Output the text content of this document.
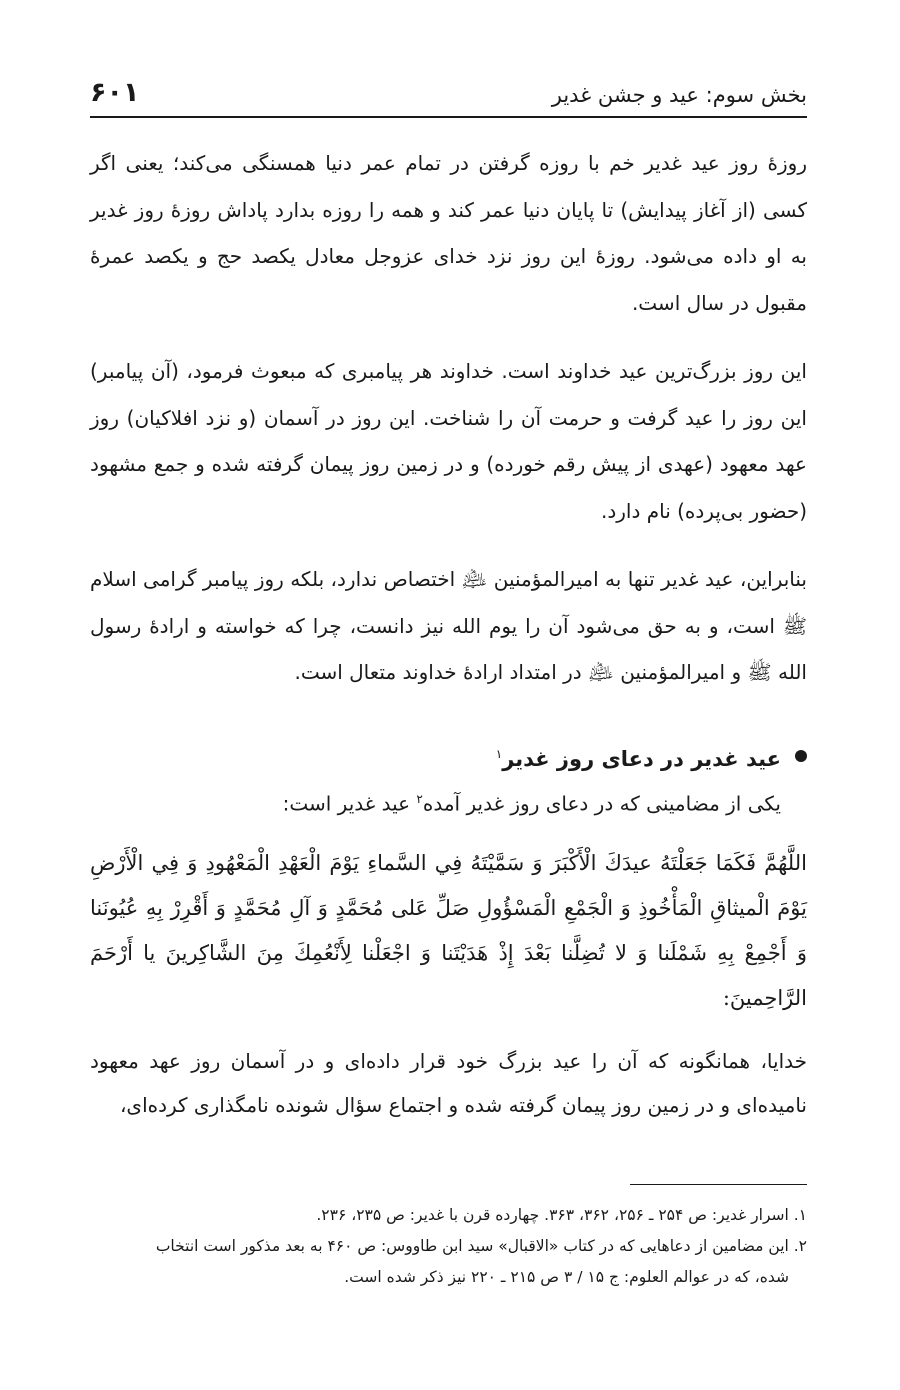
۶۰۱	بخش سوم: عید و جشن غدیر

روزهٔ روز عید غدیر خم با روزه گرفتن در تمام عمر دنیا همسنگی می‌کند؛ یعنی اگر کسی (از آغاز پیدایش) تا پایان دنیا عمر کند و همه را روزه بدارد پاداش روزهٔ روز غدیر به او داده می‌شود. روزهٔ این روز نزد خدای عزوجل معادل یکصد حج و یکصد عمرهٔ مقبول در سال است.

این روز بزرگ‌ترین عید خداوند است. خداوند هر پیامبری که مبعوث فرمود، (آن پیامبر) این روز را عید گرفت و حرمت آن را شناخت. این روز در آسمان (و نزد افلاکیان) روز عهد معهود (عهدی از پیش رقم خورده) و در زمین روز پیمان گرفته شده و جمع مشهود (حضور بی‌پرده) نام دارد.

بنابراین، عید غدیر تنها به امیرالمؤمنین ﵇ اختصاص ندارد، بلکه روز پیامبر گرامی اسلام ﷺ است، و به حق می‌شود آن را یوم الله نیز دانست، چرا که خواسته و ارادهٔ رسول الله ﷺ و امیرالمؤمنین ﵇ در امتداد ارادهٔ خداوند متعال است.

عید غدیر در دعای روز غدیر$^۱$

یکی از مضامینی که در دعای روز غدیر آمده$^۲$ عید غدیر است:

اللَّهُمَّ فَكَمَا جَعَلْتَهُ عيدَكَ الْأَكْبَرَ وَ سَمَّيْتَهُ فِي السَّماءِ يَوْمَ الْعَهْدِ الْمَعْهُودِ وَ فِي الْأَرْضِ يَوْمَ الْميثاقِ الْمَأْخُوذِ وَ الْجَمْعِ الْمَسْؤُولِ صَلِّ عَلى مُحَمَّدٍ وَ آلِ مُحَمَّدٍ وَ أَقْرِرْ بِهِ عُيُونَنا وَ أَجْمِعْ بِهِ شَمْلَنا وَ لا تُضِلَّنا بَعْدَ إِذْ هَدَيْتَنا وَ اجْعَلْنا لِأَنْعُمِكَ مِنَ الشَّاكِرينَ يا أَرْحَمَ الرَّاحِمينَ:

خدایا، همانگونه که آن را عید بزرگ خود قرار داده‌ای و در آسمان روز عهد معهود نامیده‌ای و در زمین روز پیمان گرفته شده و اجتماع سؤال شونده نامگذاری کرده‌ای،

۱. اسرار غدیر: ص ۲۵۴ ـ ۲۵۶، ۳۶۲، ۳۶۳. چهارده قرن با غدیر: ص ۲۳۵، ۲۳۶.

۲. این مضامین از دعاهایی که در کتاب «الاقبال» سید ابن طاووس: ص ۴۶۰ به بعد مذکور است انتخاب

شده، که در عوالم العلوم: ج ۱۵ / ۳ ص ۲۱۵ ـ ۲۲۰ نیز ذکر شده است.
